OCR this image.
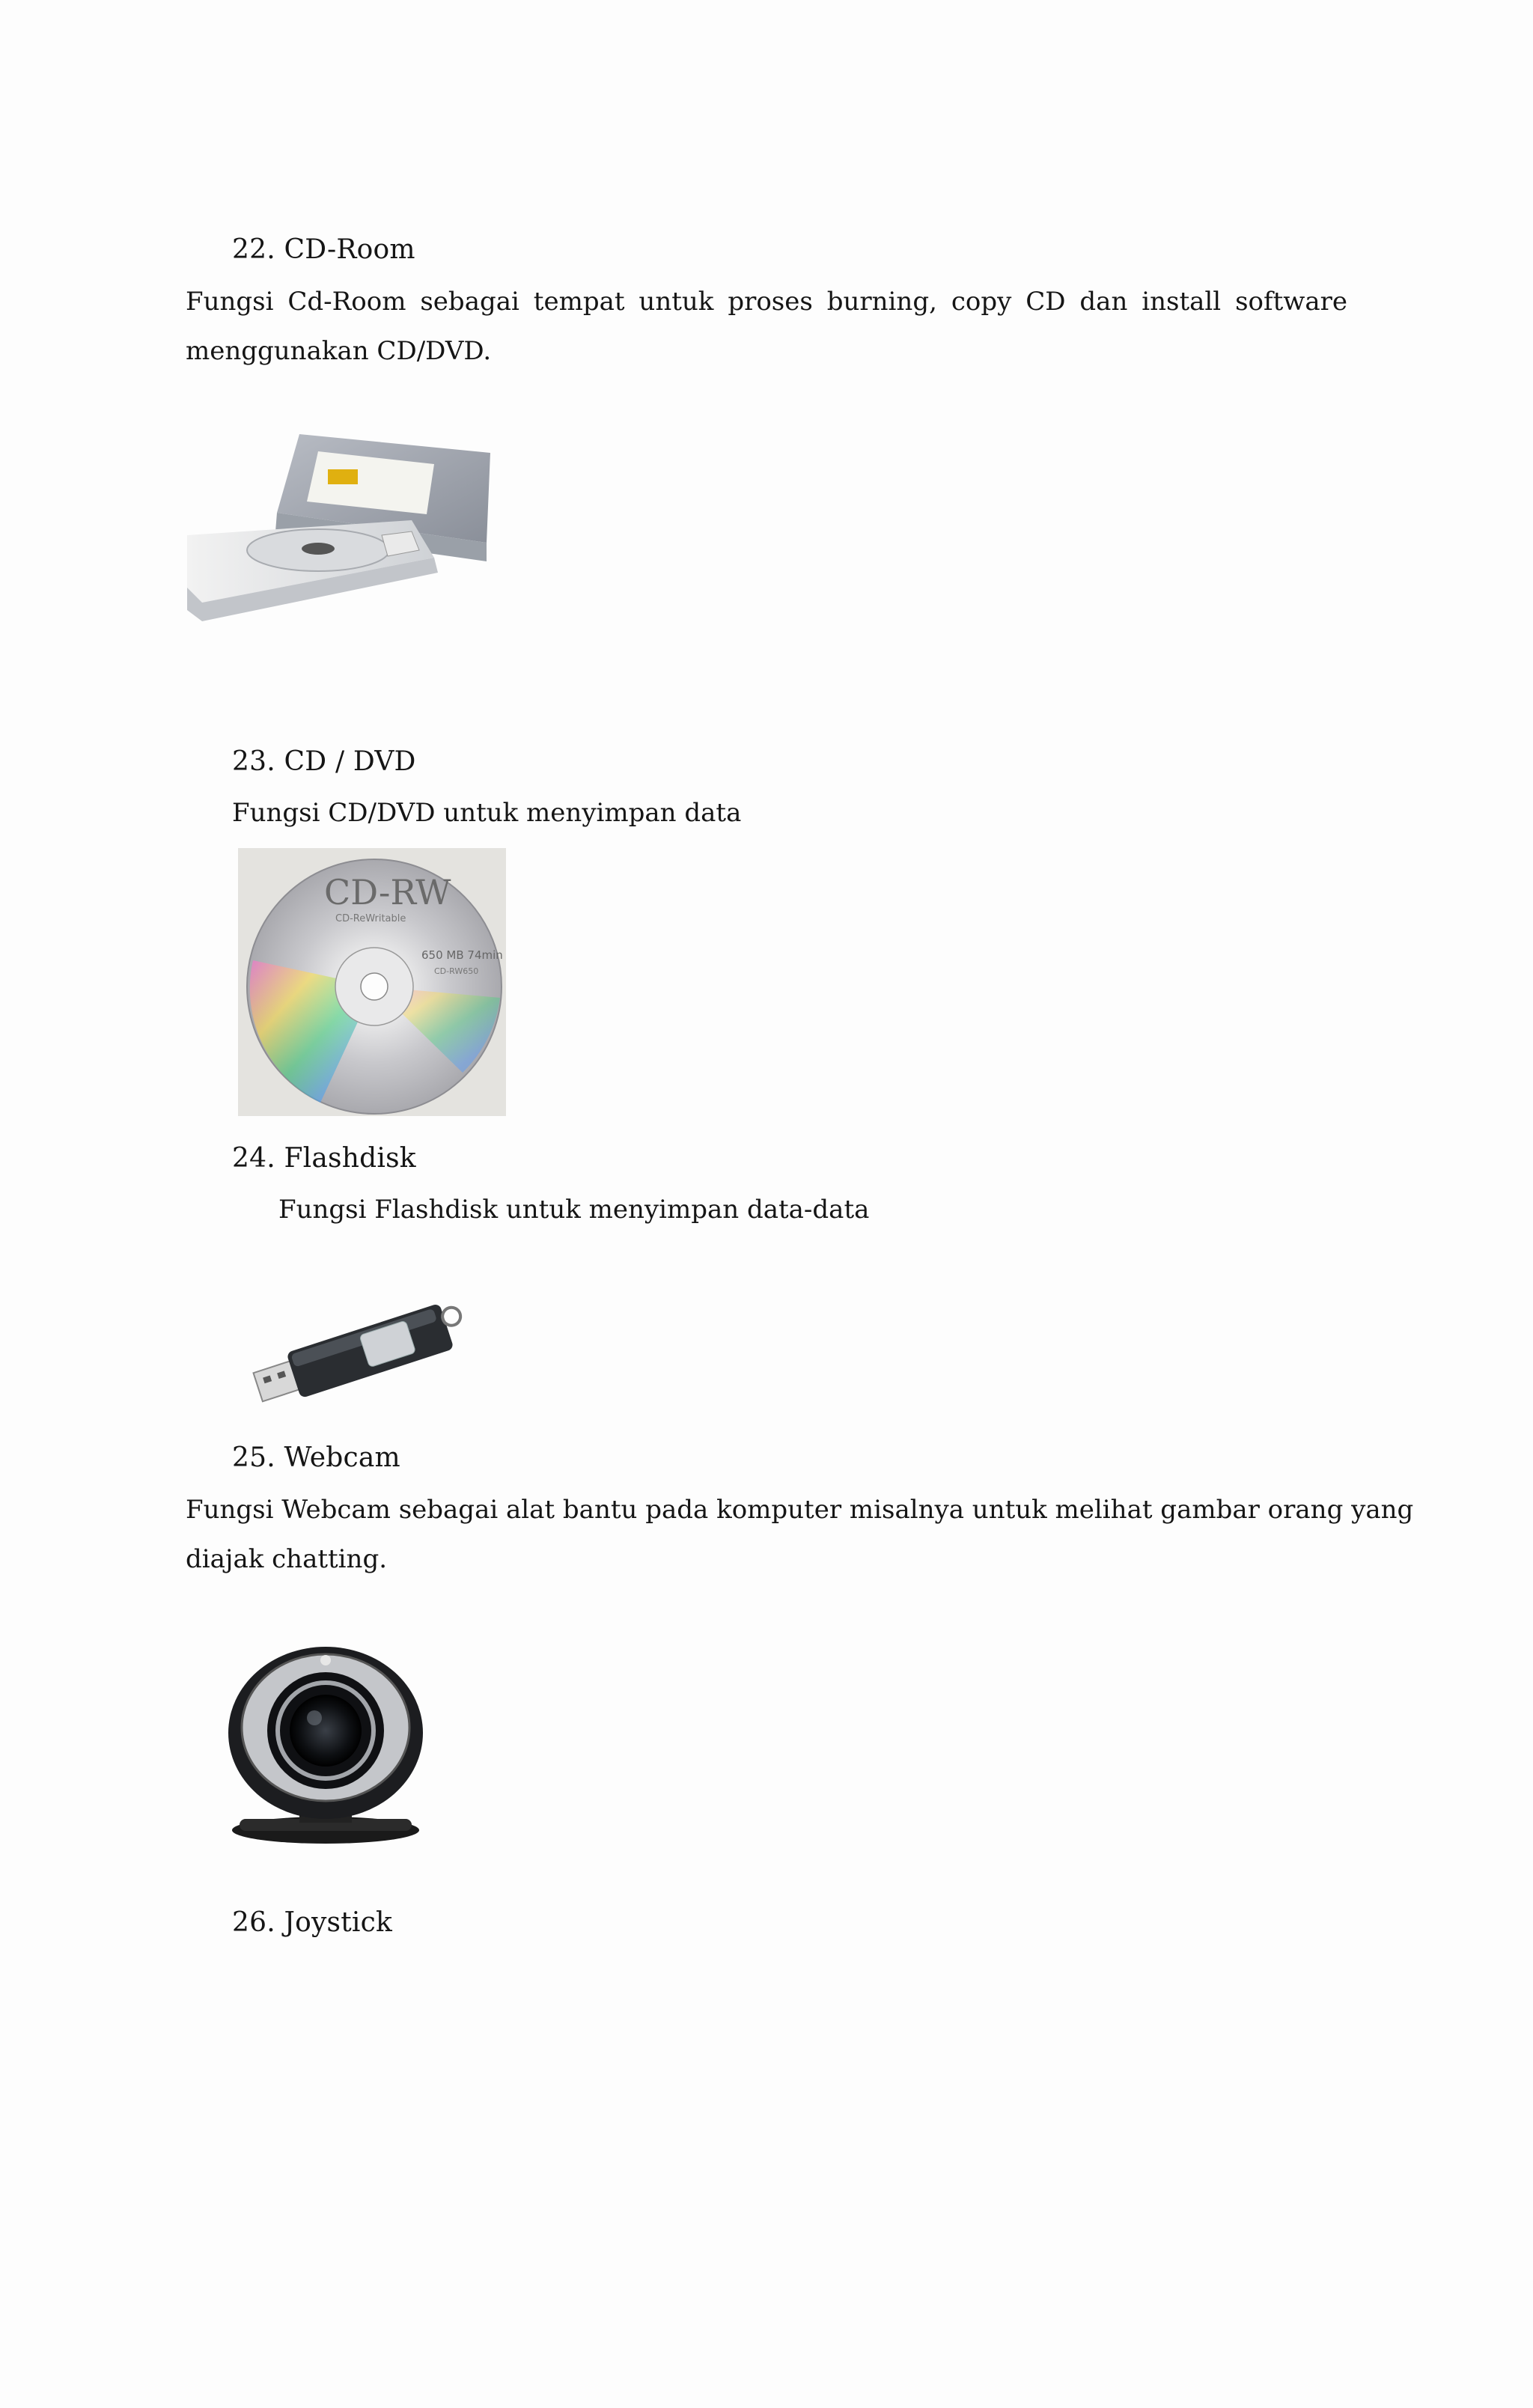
22. CD-Room
Fungsi Cd-Room sebagai tempat untuk proses burning, copy CD dan install software
menggunakan CD/DVD.
23. CD / DVD
Fungsi CD/DVD untuk menyimpan data
CD-RW
CD-ReWritable
650 MB 74min
CD-RW650
24. Flashdisk
Fungsi Flashdisk untuk menyimpan data-data
25. Webcam
Fungsi Webcam sebagai alat bantu pada komputer misalnya untuk melihat gambar orang yang
diajak chatting.
26. Joystick
